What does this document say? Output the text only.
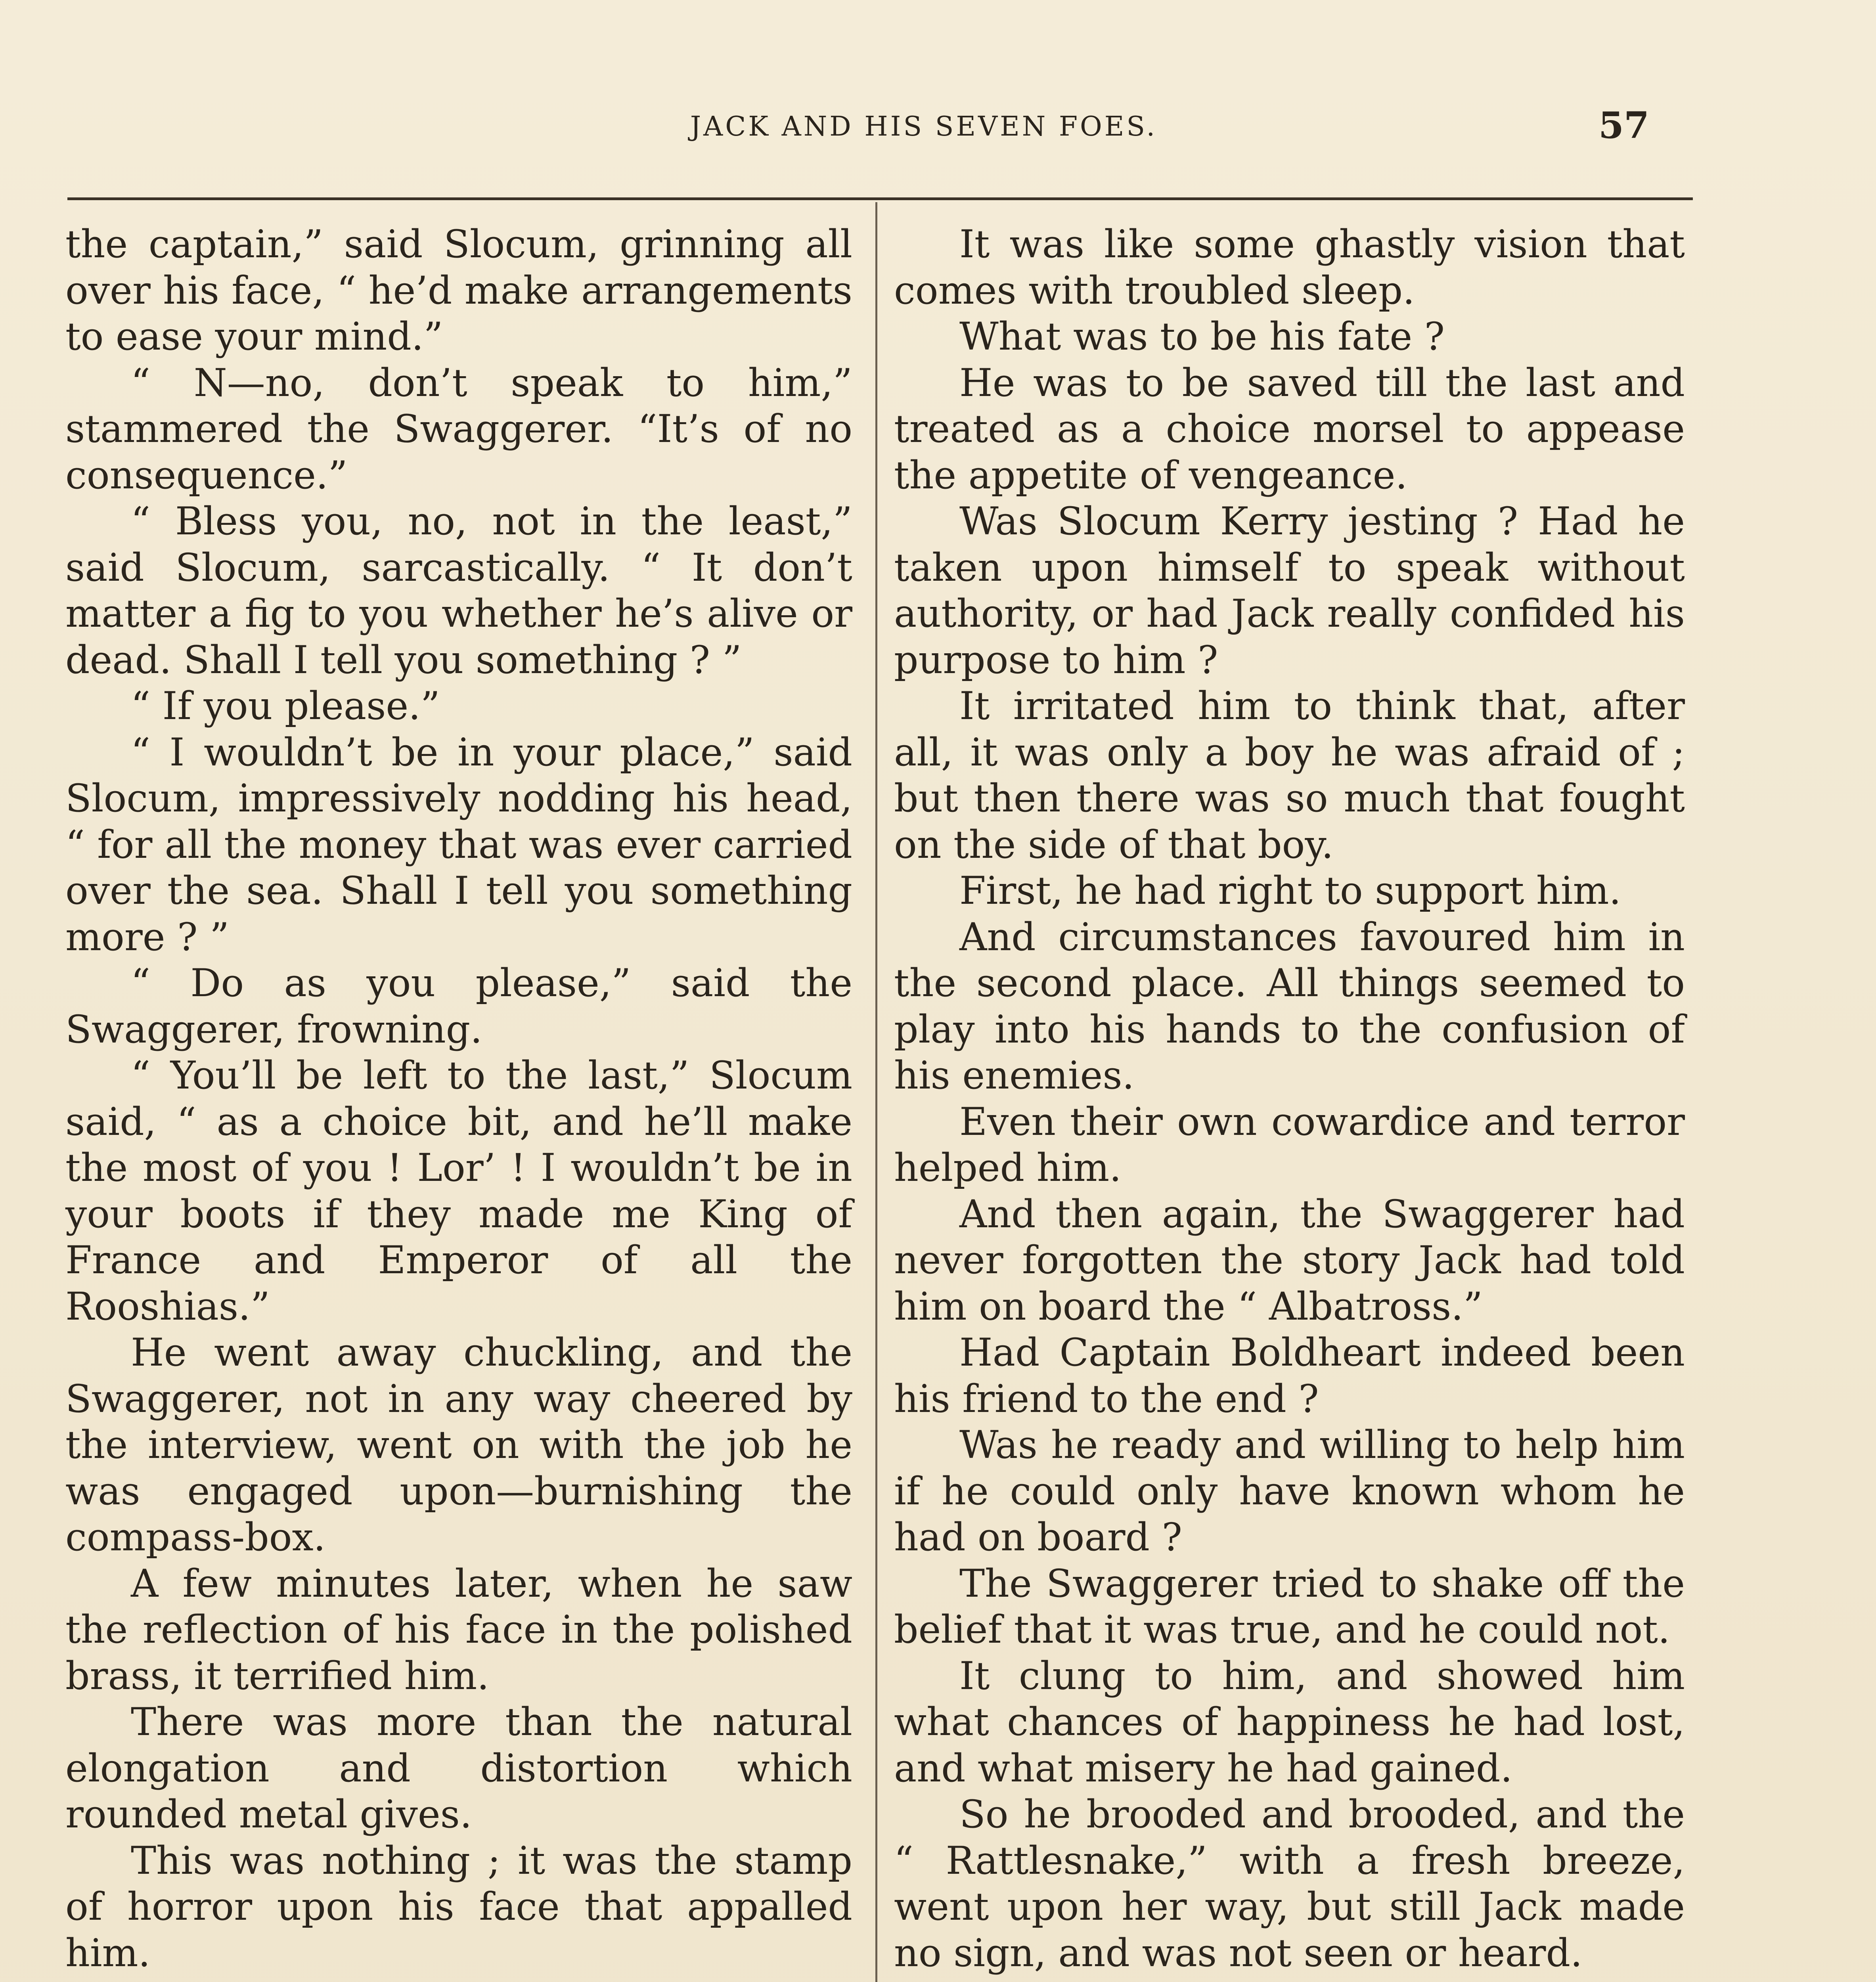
JACK AND HIS SEVEN FOES.	57

the captain,” said Slocum, grinning all over his face, “ he’d make arrangements to ease your mind.”

“ N—no, don’t speak to him,” stammered the Swaggerer. “It’s of no consequence.”

“ Bless you, no, not in the least,” said Slocum, sarcastically. “ It don’t matter a fig to you whether he’s alive or dead. Shall I tell you something ? ”

“ If you please.”

“ I wouldn’t be in your place,” said Slocum, impressively nodding his head, “ for all the money that was ever carried over the sea. Shall I tell you something more ? ”

“ Do as you please,” said the Swaggerer, frowning.

“ You’ll be left to the last,” Slocum said, “ as a choice bit, and he’ll make the most of you ! Lor’ ! I wouldn’t be in your boots if they made me King of France and Emperor of all the Rooshias.”

He went away chuckling, and the Swaggerer, not in any way cheered by the interview, went on with the job he was engaged upon—burnishing the compass-box.

A few minutes later, when he saw the reflection of his face in the polished brass, it terrified him.

There was more than the natural elongation and distortion which rounded metal gives.

This was nothing ; it was the stamp of horror upon his face that appalled him.

It was like some ghastly vision that comes with troubled sleep.

What was to be his fate ?

He was to be saved till the last and treated as a choice morsel to appease the appetite of vengeance.

Was Slocum Kerry jesting ? Had he taken upon himself to speak without authority, or had Jack really confided his purpose to him ?

It irritated him to think that, after all, it was only a boy he was afraid of ; but then there was so much that fought on the side of that boy.

First, he had right to support him.

And circumstances favoured him in the second place. All things seemed to play into his hands to the confusion of his enemies.

Even their own cowardice and terror helped him.

And then again, the Swaggerer had never forgotten the story Jack had told him on board the “ Albatross.”

Had Captain Boldheart indeed been his friend to the end ?

Was he ready and willing to help him if he could only have known whom he had on board ?

The Swaggerer tried to shake off the belief that it was true, and he could not.

It clung to him, and showed him what chances of happiness he had lost, and what misery he had gained.

So he brooded and brooded, and the “ Rattlesnake,” with a fresh breeze, went upon her way, but still Jack made no sign, and was not seen or heard.
